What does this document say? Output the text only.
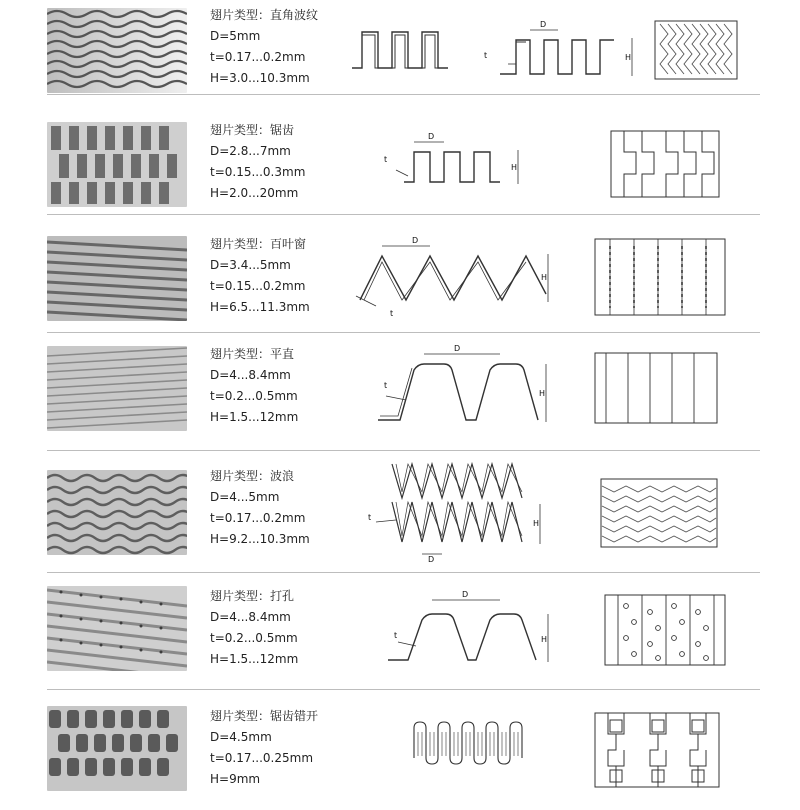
翅片类型：直角波纹
D=5mm
t=0.17...0.2mm
H=3.0...10.3mm
D
t	H
翅片类型：锯齿
D=2.8...7mm
t=0.15...0.3mm
H=2.0...20mm
D
t
H
翅片类型：百叶窗
D=3.4...5mm
t=0.15...0.2mm
H=6.5...11.3mm
D
t
H
翅片类型：平直
D=4...8.4mm
t=0.2...0.5mm
H=1.5...12mm
D
t
H
翅片类型：波浪
D=4...5mm
t=0.17...0.2mm
H=9.2...10.3mm
D
t
H
翅片类型：打孔
D=4...8.4mm
t=0.2...0.5mm
H=1.5...12mm
D
t	H
翅片类型：锯齿错开
D=4.5mm
t=0.17...0.25mm
H=9mm
